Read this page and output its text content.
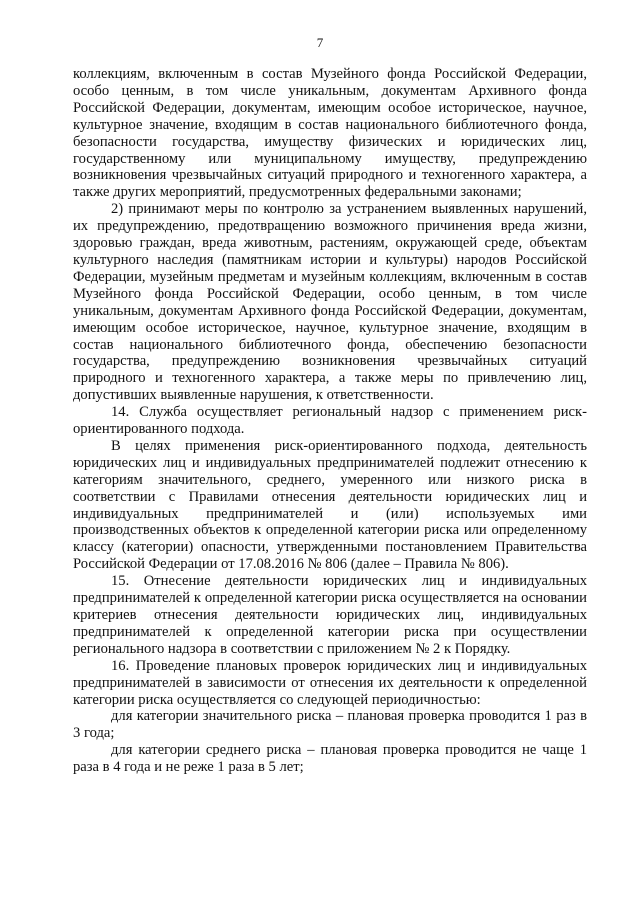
7

коллекциям, включенным в состав Музейного фонда Российской Федерации, особо ценным, в том числе уникальным, документам Архивного фонда Российской Федерации, документам, имеющим особое историческое, научное, культурное значение, входящим в состав национального библиотечного фонда, безопасности государства, имуществу физических и юридических лиц, государственному или муниципальному имуществу, предупреждению возникновения чрезвычайных ситуаций природного и техногенного характера, а также других мероприятий, предусмотренных федеральными законами;

2) принимают меры по контролю за устранением выявленных нарушений, их предупреждению, предотвращению возможного причинения вреда жизни, здоровью граждан, вреда животным, растениям, окружающей среде, объектам культурного наследия (памятникам истории и культуры) народов Российской Федерации, музейным предметам и музейным коллекциям, включенным в состав Музейного фонда Российской Федерации, особо ценным, в том числе уникальным, документам Архивного фонда Российской Федерации, документам, имеющим особое историческое, научное, культурное значение, входящим в состав национального библиотечного фонда, обеспечению безопасности государства, предупреждению возникновения чрезвычайных ситуаций природного и техногенного характера, а также меры по привлечению лиц, допустивших выявленные нарушения, к ответственности.

14. Служба осуществляет региональный надзор с применением риск-ориентированного подхода.

В целях применения риск-ориентированного подхода, деятельность юридических лиц и индивидуальных предпринимателей подлежит отнесению к категориям значительного, среднего, умеренного или низкого риска в соответствии с Правилами отнесения деятельности юридических лиц и индивидуальных предпринимателей и (или) используемых ими производственных объектов к определенной категории риска или определенному классу (категории) опасности, утвержденными постановлением Правительства Российской Федерации от 17.08.2016 № 806 (далее – Правила № 806).

15. Отнесение деятельности юридических лиц и индивидуальных предпринимателей к определенной категории риска осуществляется на основании критериев отнесения деятельности юридических лиц, индивидуальных предпринимателей к определенной категории риска при осуществлении регионального надзора в соответствии с приложением № 2 к Порядку.

16. Проведение плановых проверок юридических лиц и индивидуальных предпринимателей в зависимости от отнесения их деятельности к определенной категории риска осуществляется со следующей периодичностью:

для категории значительного риска – плановая проверка проводится 1 раз в 3 года;

для категории среднего риска – плановая проверка проводится не чаще 1 раза в 4 года и не реже 1 раза в 5 лет;
